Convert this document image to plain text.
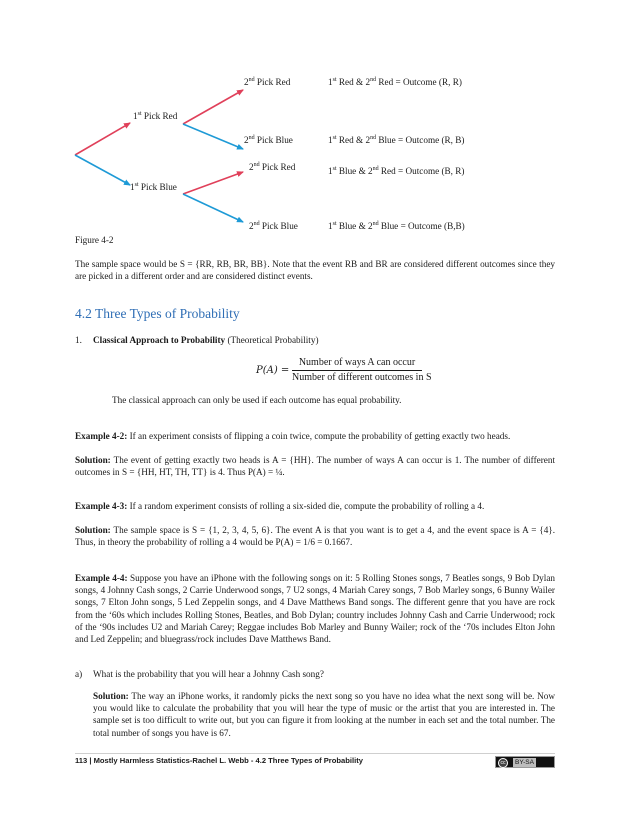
1st Pick Red
1st Pick Blue
2nd Pick Red
2nd Pick Blue
2nd Pick Red
2nd Pick Blue
1st Red & 2nd Red = Outcome (R, R)
1st Red & 2nd Blue = Outcome (R, B)
1st Blue & 2nd Red = Outcome (B, R)
1st Blue & 2nd Blue = Outcome (B,B)
Figure 4-2
The sample space would be S = {RR, RB, BR, BB}. Note that the event RB and BR are considered different outcomes since they are picked in a different order and are considered distinct events.
4.2 Three Types of Probability
1. Classical Approach to Probability (Theoretical Probability)
P(A) =
Number of ways A can occur
Number of different outcomes in S
The classical approach can only be used if each outcome has equal probability.
Example 4-2: If an experiment consists of flipping a coin twice, compute the probability of getting exactly two heads.
Solution: The event of getting exactly two heads is A = {HH}. The number of ways A can occur is 1. The number of different outcomes in S = {HH, HT, TH, TT} is 4. Thus P(A) = ¼.
Example 4-3: If a random experiment consists of rolling a six-sided die, compute the probability of rolling a 4.
Solution: The sample space is S = {1, 2, 3, 4, 5, 6}. The event A is that you want is to get a 4, and the event space is A = {4}. Thus, in theory the probability of rolling a 4 would be P(A) = 1/6 = 0.1667.
Example 4-4: Suppose you have an iPhone with the following songs on it: 5 Rolling Stones songs, 7 Beatles songs, 9 Bob Dylan songs, 4 Johnny Cash songs, 2 Carrie Underwood songs, 7 U2 songs, 4 Mariah Carey songs, 7 Bob Marley songs, 6 Bunny Wailer songs, 7 Elton John songs, 5 Led Zeppelin songs, and 4 Dave Matthews Band songs. The different genre that you have are rock from the ‘60s which includes Rolling Stones, Beatles, and Bob Dylan; country includes Johnny Cash and Carrie Underwood; rock of the ‘90s includes U2 and Mariah Carey; Reggae includes Bob Marley and Bunny Wailer; rock of the ‘70s includes Elton John and Led Zeppelin; and bluegrass/rock includes Dave Matthews Band.
a) What is the probability that you will hear a Johnny Cash song?
Solution: The way an iPhone works, it randomly picks the next song so you have no idea what the next song will be. Now you would like to calculate the probability that you will hear the type of music or the artist that you are interested in. The sample set is too difficult to write out, but you can figure it from looking at the number in each set and the total number. The total number of songs you have is 67.
113 | Mostly Harmless Statistics-Rachel L. Webb - 4.2 Three Types of Probability	cc	BY-SA
